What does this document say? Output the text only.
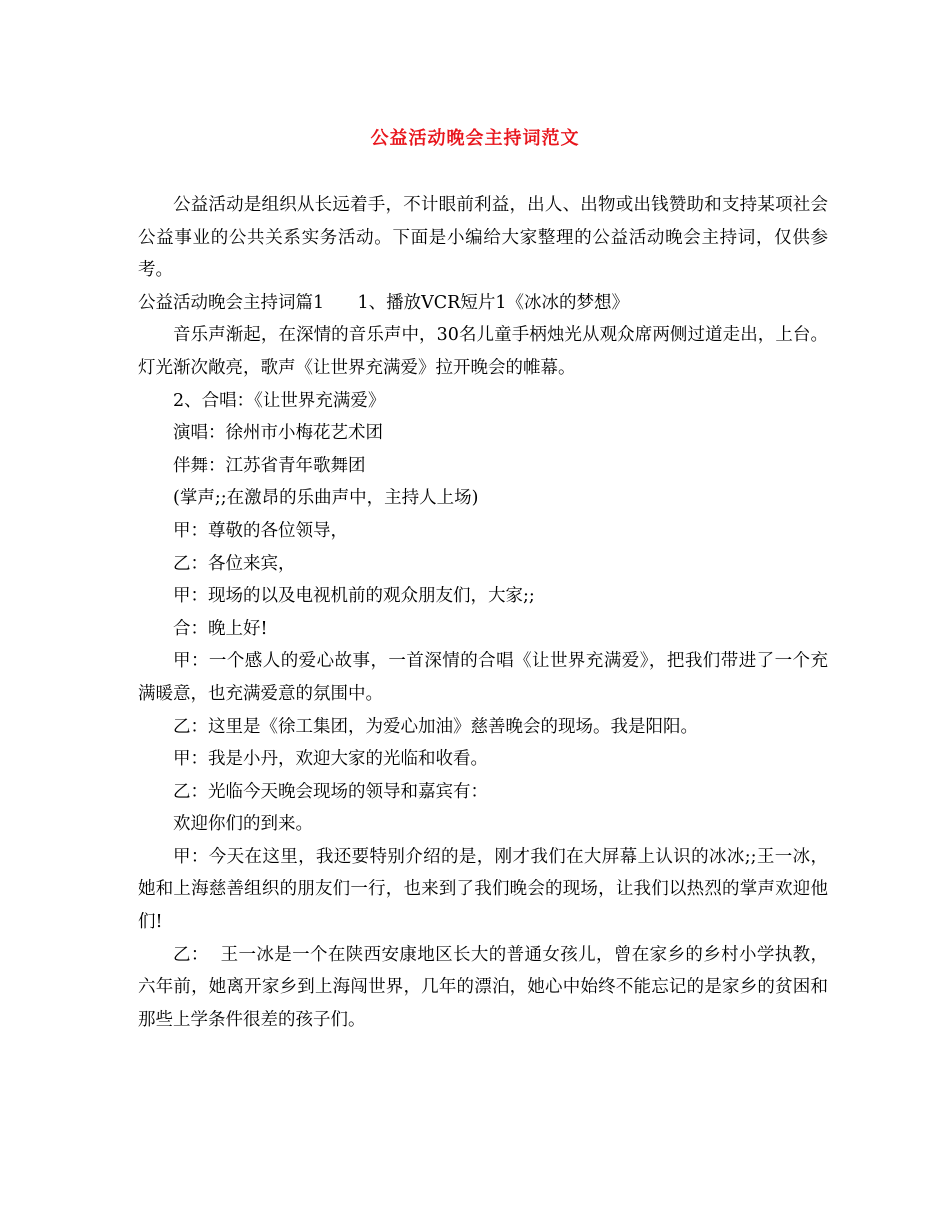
公益活动晚会主持词范文

公益活动是组织从长远着手，不计眼前利益，出人、出物或出钱赞助和支持某项社会公益事业的公共关系实务活动。下面是小编给大家整理的公益活动晚会主持词，仅供参考。

公益活动晚会主持词篇1      1、播放VCR短片1《冰冰的梦想》

音乐声渐起，在深情的音乐声中，30名儿童手柄烛光从观众席两侧过道走出，上台。灯光渐次敞亮，歌声《让世界充满爱》拉开晚会的帷幕。

2、合唱：《让世界充满爱》

演唱：徐州市小梅花艺术团

伴舞：江苏省青年歌舞团

(掌声;;在激昂的乐曲声中，主持人上场)

甲：尊敬的各位领导，

乙：各位来宾，

甲：现场的以及电视机前的观众朋友们，大家;;

合：晚上好!

甲：一个感人的爱心故事，一首深情的合唱《让世界充满爱》，把我们带进了一个充满暖意，也充满爱意的氛围中。

乙：这里是《徐工集团，为爱心加油》慈善晚会的现场。我是阳阳。

甲：我是小丹，欢迎大家的光临和收看。

乙：光临今天晚会现场的领导和嘉宾有：

欢迎你们的到来。

甲：今天在这里，我还要特别介绍的是，刚才我们在大屏幕上认识的冰冰;;王一冰，她和上海慈善组织的朋友们一行，也来到了我们晚会的现场，让我们以热烈的掌声欢迎他们!

乙：  王一冰是一个在陕西安康地区长大的普通女孩儿，曾在家乡的乡村小学执教，六年前，她离开家乡到上海闯世界，几年的漂泊，她心中始终不能忘记的是家乡的贫困和那些上学条件很差的孩子们。
